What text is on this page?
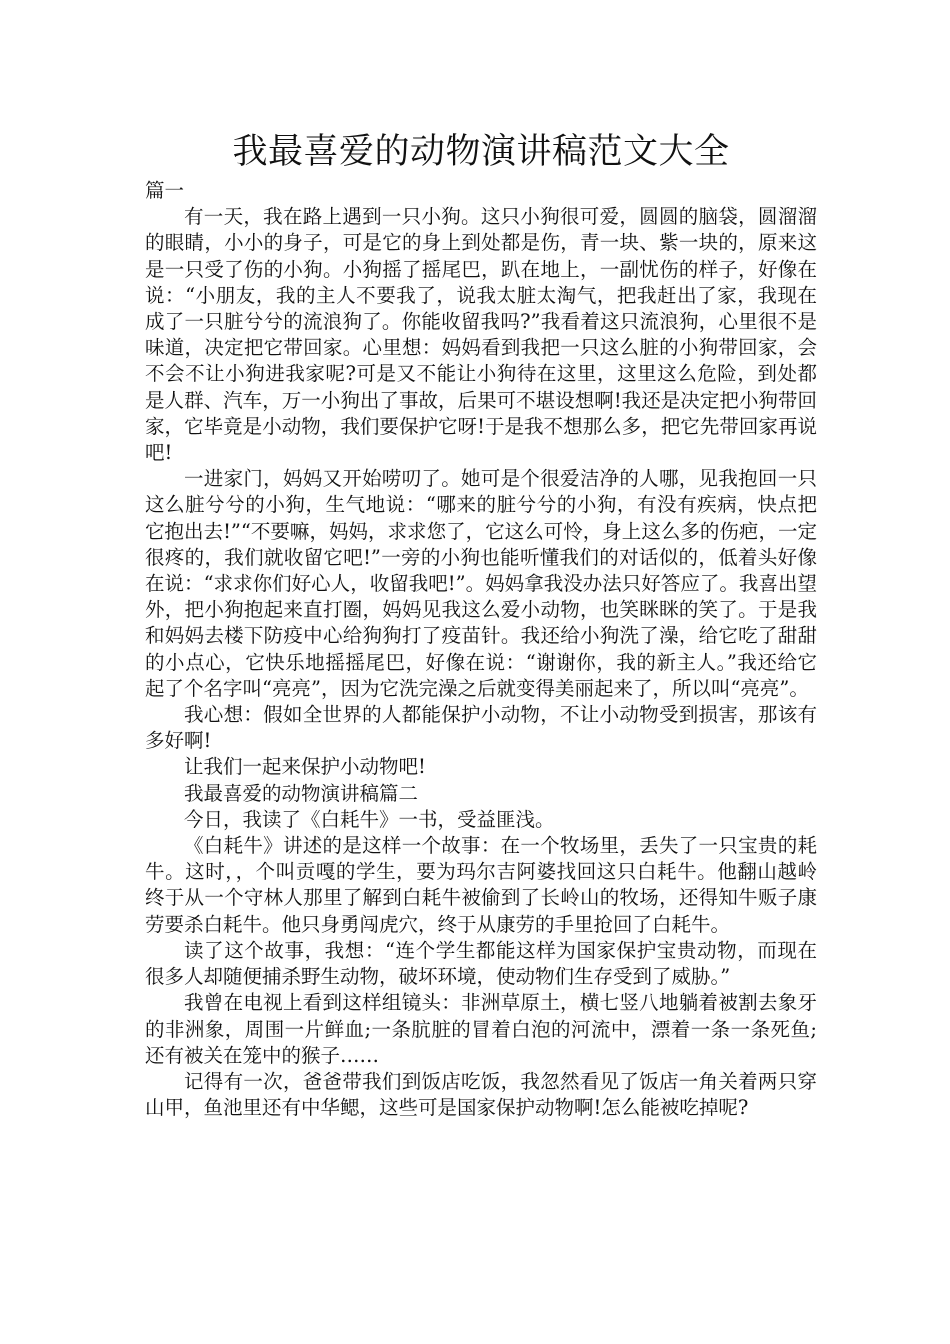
我最喜爱的动物演讲稿范文大全

篇一

有一天，我在路上遇到一只小狗。这只小狗很可爱，圆圆的脑袋，圆溜溜的眼睛，小小的身子，可是它的身上到处都是伤，青一块、紫一块的，原来这是一只受了伤的小狗。小狗摇了摇尾巴，趴在地上，一副忧伤的样子，好像在说：“小朋友，我的主人不要我了，说我太脏太淘气，把我赶出了家，我现在成了一只脏兮兮的流浪狗了。你能收留我吗?”我看着这只流浪狗，心里很不是味道，决定把它带回家。心里想：妈妈看到我把一只这么脏的小狗带回家，会不会不让小狗进我家呢?可是又不能让小狗待在这里，这里这么危险，到处都是人群、汽车，万一小狗出了事故，后果可不堪设想啊!我还是决定把小狗带回家，它毕竟是小动物，我们要保护它呀!于是我不想那么多，把它先带回家再说吧!

一进家门，妈妈又开始唠叨了。她可是个很爱洁净的人哪，见我抱回一只这么脏兮兮的小狗，生气地说：“哪来的脏兮兮的小狗，有没有疾病，快点把它抱出去!”“不要嘛，妈妈，求求您了，它这么可怜，身上这么多的伤疤，一定很疼的，我们就收留它吧!”一旁的小狗也能听懂我们的对话似的，低着头好像在说：“求求你们好心人，收留我吧!”。妈妈拿我没办法只好答应了。我喜出望外，把小狗抱起来直打圈，妈妈见我这么爱小动物，也笑眯眯的笑了。于是我和妈妈去楼下防疫中心给狗狗打了疫苗针。我还给小狗洗了澡，给它吃了甜甜的小点心，它快乐地摇摇尾巴，好像在说：“谢谢你，我的新主人。”我还给它起了个名字叫“亮亮”，因为它洗完澡之后就变得美丽起来了，所以叫“亮亮”。

我心想：假如全世界的人都能保护小动物，不让小动物受到损害，那该有多好啊!

让我们一起来保护小动物吧!

我最喜爱的动物演讲稿篇二

今日，我读了《白耗牛》一书，受益匪浅。

《白耗牛》讲述的是这样一个故事：在一个牧场里，丢失了一只宝贵的耗牛。这时，，个叫贡嘎的学生，要为玛尔吉阿婆找回这只白耗牛。他翻山越岭终于从一个守林人那里了解到白耗牛被偷到了长岭山的牧场，还得知牛贩子康劳要杀白耗牛。他只身勇闯虎穴，终于从康劳的手里抢回了白耗牛。

读了这个故事，我想：“连个学生都能这样为国家保护宝贵动物，而现在很多人却随便捕杀野生动物，破坏环境，使动物们生存受到了威胁。”

我曾在电视上看到这样组镜头：非洲草原土，横七竖八地躺着被割去象牙的非洲象，周围一片鲜血;一条肮脏的冒着白泡的河流中，漂着一条一条死鱼;还有被关在笼中的猴子……

记得有一次，爸爸带我们到饭店吃饭，我忽然看见了饭店一角关着两只穿山甲，鱼池里还有中华鳃，这些可是国家保护动物啊!怎么能被吃掉呢?
